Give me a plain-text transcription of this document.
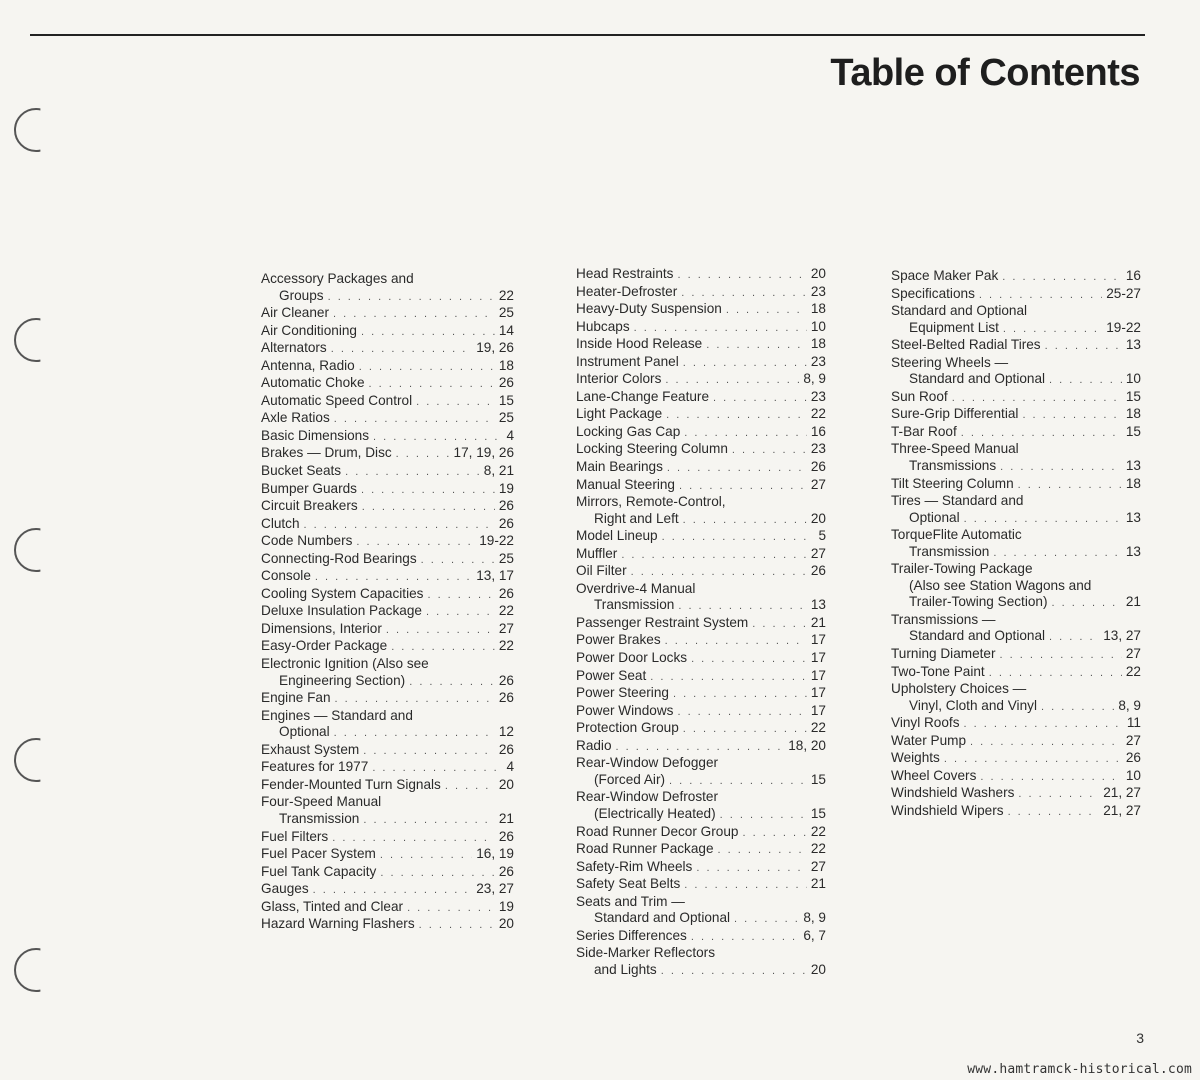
Table of Contents
Accessory Packages and
Groups . . .	22
Air Cleaner . . .	25
Air Conditioning . . .	14
Alternators . . .	19, 26
Antenna, Radio . . .	18
Automatic Choke . . .	26
Automatic Speed Control . . .	15
Axle Ratios . . .	25
Basic Dimensions . . .	4
Brakes — Drum, Disc . . .	17, 19, 26
Bucket Seats . . .	8, 21
Bumper Guards . . .	19
Circuit Breakers . . .	26
Clutch . . .	26
Code Numbers . . .	19-22
Connecting-Rod Bearings . . .	25
Console . . .	13, 17
Cooling System Capacities . . .	26
Deluxe Insulation Package . . .	22
Dimensions, Interior . . .	27
Easy-Order Package . . .	22
Electronic Ignition (Also see
Engineering Section) . . .	26
Engine Fan . . .	26
Engines — Standard and
Optional . . .	12
Exhaust System . . .	26
Features for 1977 . . .	4
Fender-Mounted Turn Signals . . .	20
Four-Speed Manual
Transmission . . .	21
Fuel Filters . . .	26
Fuel Pacer System . . .	16, 19
Fuel Tank Capacity . . .	26
Gauges . . .	23, 27
Glass, Tinted and Clear . . .	19
Hazard Warning Flashers . . .	20
Head Restraints . . .	20
Heater-Defroster . . .	23
Heavy-Duty Suspension . . .	18
Hubcaps . . .	10
Inside Hood Release . . .	18
Instrument Panel . . .	23
Interior Colors . . .	8, 9
Lane-Change Feature . . .	23
Light Package . . .	22
Locking Gas Cap . . .	16
Locking Steering Column . . .	23
Main Bearings . . .	26
Manual Steering . . .	27
Mirrors, Remote-Control,
Right and Left . . .	20
Model Lineup . . .	5
Muffler . . .	27
Oil Filter . . .	26
Overdrive-4 Manual
Transmission . . .	13
Passenger Restraint System . . .	21
Power Brakes . . .	17
Power Door Locks . . .	17
Power Seat . . .	17
Power Steering . . .	17
Power Windows . . .	17
Protection Group . . .	22
Radio . . .	18, 20
Rear-Window Defogger
(Forced Air) . . .	15
Rear-Window Defroster
(Electrically Heated) . . .	15
Road Runner Decor Group . . .	22
Road Runner Package . . .	22
Safety-Rim Wheels . . .	27
Safety Seat Belts . . .	21
Seats and Trim —
Standard and Optional . . .	8, 9
Series Differences . . .	6, 7
Side-Marker Reflectors
and Lights . . .	20
Space Maker Pak . . .	16
Specifications . . .	25-27
Standard and Optional
Equipment List . . .	19-22
Steel-Belted Radial Tires . . .	13
Steering Wheels —
Standard and Optional . . .	10
Sun Roof . . .	15
Sure-Grip Differential . . .	18
T-Bar Roof . . .	15
Three-Speed Manual
Transmissions . . .	13
Tilt Steering Column . . .	18
Tires — Standard and
Optional . . .	13
TorqueFlite Automatic
Transmission . . .	13
Trailer-Towing Package
(Also see Station Wagons and
Trailer-Towing Section) . . .	21
Transmissions —
Standard and Optional . . .	13, 27
Turning Diameter . . .	27
Two-Tone Paint . . .	22
Upholstery Choices —
Vinyl, Cloth and Vinyl . . .	8, 9
Vinyl Roofs . . .	11
Water Pump . . .	27
Weights . . .	26
Wheel Covers . . .	10
Windshield Washers . . .	21, 27
Windshield Wipers . . .	21, 27
3
www.hamtramck-historical.com
